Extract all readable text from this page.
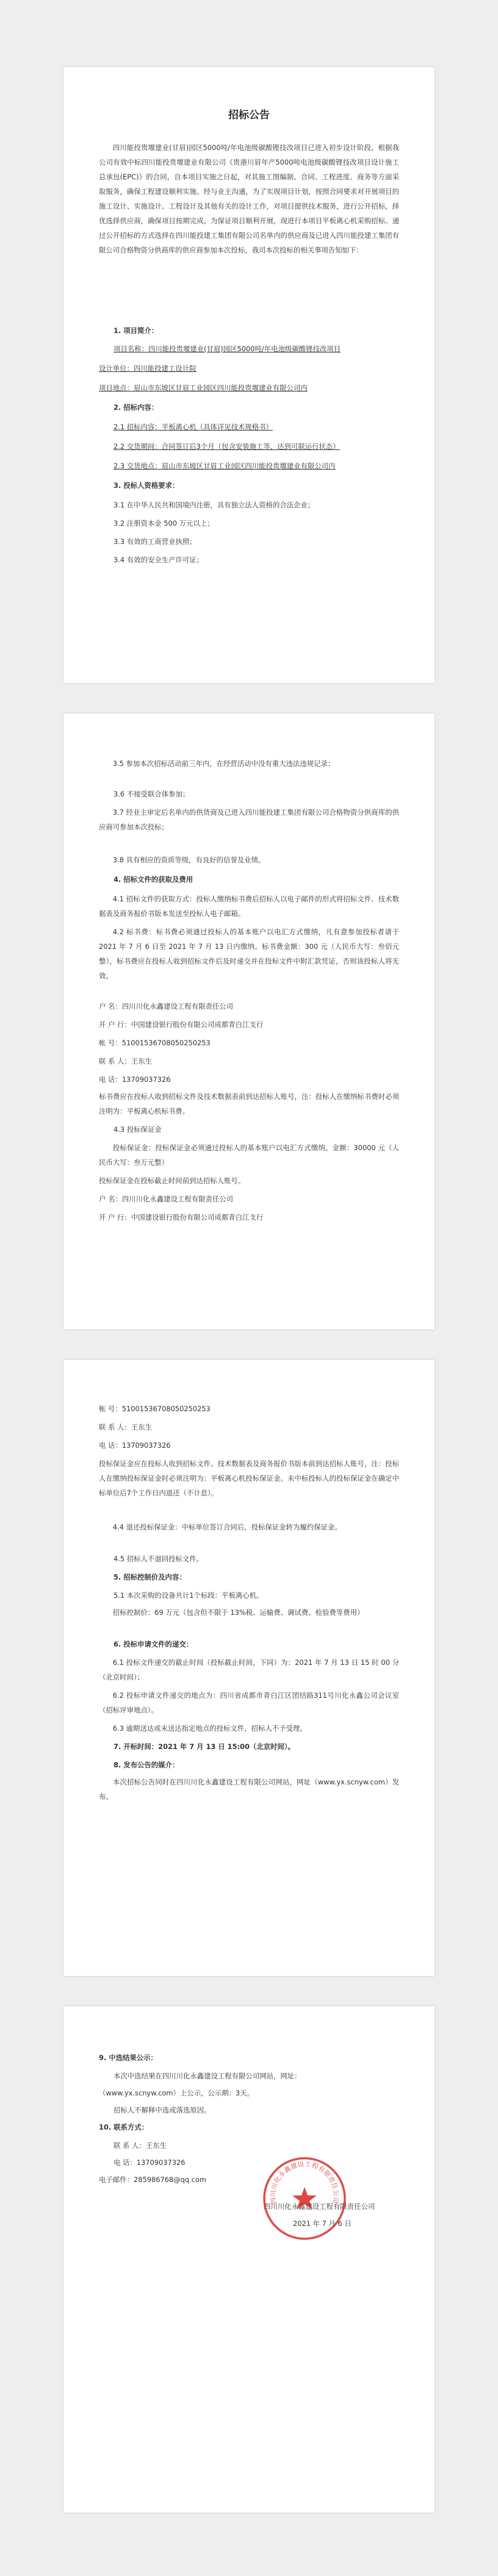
招标公告

四川能投贵堰建业(甘眉)园区5000吨/年电池级碳酸锂技改项目已进入初步设计阶段。根据我公司有效中标四川能投贵堰建业有限公司《贵港川眉年产5000吨电池级碳酸锂技改项目设计施工总承包(EPC)》的合同，自本项目实施之日起，对其施工图编制、合同、工程进度、商务等方面采取服务，确保工程建设顺利实施。经与业主沟通，为了实现项目计划，按照合同要求对开展项目的施工设计、实施设计、工程设计及其他有关的设计工作，对项目提供技术服务，进行公开招标，择优选择供应商，确保项目按期完成。为保证项目顺利开展，现进行本项目平板离心机采购招标。通过公开招标的方式选择在四川能投建工集团有限公司名单内的供应商及已进入四川能投建工集团有限公司合格物资分供商库的供应商参加本次投标，我司本次投标的相关事项告知如下：

1. 项目简介：

项目名称：四川能投贵堰建业(甘眉)园区5000吨/年电池级碳酸锂技改项目

设计单位：四川能投建工设计院

项目地点：眉山市东坡区甘眉工业园区四川能投贵堰建业有限公司内

2. 招标内容：

2.1 招标内容：平板离心机（具体详见技术规格书）

2.2 交货期间：合同签订后3个月（包含安装施工等，达到可联运行状态）

2.3 交货地点：眉山市东坡区甘眉工业园区四川能投贵堰建业有限公司内

3. 投标人资格要求：

3.1 在中华人民共和国境内注册，具有独立法人资格的合法企业；

3.2 注册资本金 500 万元以上；

3.3 有效的工商营业执照；

3.4 有效的安全生产许可证；

3.5 参加本次招标活动前三年内，在经营活动中没有重大违法违规记录；

3.6 不接受联合体参加；

3.7 经业主审定后名单内的供货商及已进入四川能投建工集团有限公司合格物资分供商库的供应商可参加本次投标；

3.8 具有相应的资质等级，有良好的信誉及业绩。

4. 招标文件的获取及费用

4.1 招标文件的获取方式：投标人缴纳标书费后招标人以电子邮件的形式将招标文件、技术数据表及商务报价书版本发送至投标人电子邮箱。

4.2 标书费：标书费必须通过投标人的基本账户以电汇方式缴纳，凡有意参加投标者请于 2021 年 7 月 6 日至 2021 年 7 月 13 日内缴纳。标书费金额：300 元（人民币大写：叁佰元整），标书费应在投标人收到招标文件后及时递交并在投标文件中附汇款凭证，否则该投标人将无效。

户 名：四川川化永鑫建设工程有限责任公司

开 户 行：中国建设银行股份有限公司成都青白江支行

帐 号：51001536708050250253

联 系 人：王东生

电 话：13709037326

标书费应在投标人收到招标文件及技术数据表前到达招标人账号，注：投标人在缴纳标书费时必须注明为：平板离心机标书费。

4.3 投标保证金

投标保证金：投标保证金必须通过投标人的基本账户以电汇方式缴纳。金额：30000 元（人民币大写：叁万元整）

投标保证金在投标截止时间前到达招标人账号。

户 名：四川川化永鑫建设工程有限责任公司

开 户 行：中国建设银行股份有限公司成都青白江支行

帐 号：51001536708050250253

联 系 人：王东生

电 话：13709037326

投标保证金应在投标人收到招标文件、技术数据表及商务报价书版本前到达招标人账号，注：投标人在缴纳投标保证金时必须注明为：平板离心机投标保证金。未中标投标人的投标保证金在确定中标单位后7个工作日内退还（不计息）。

4.4 退还投标保证金：中标单位签订合同后，投标保证金转为履约保证金。

4.5 招标人不退回投标文件。

5. 招标控制价及内容：

5.1 本次采购的设备共计1个标段：平板离心机。

招标控制价：69 万元（包含但不限于 13%税、运输费、调试费、检验费等费用）

6. 投标申请文件的递交：

6.1 投标文件递交的截止时间（投标截止时间，下同）为：2021 年 7 月 13 日 15 时 00 分（北京时间）；

6.2 投标申请文件递交的地点为：四川省成都市青白江区团结路311号川化永鑫公司会议室（招标评审地点）。

6.3 逾期送达或未送达指定地点的投标文件，招标人不予受理。

7. 开标时间：2021 年 7 月 13 日 15:00（北京时间）。

8. 发布公告的媒介：

本次招标公告同时在四川川化永鑫建设工程有限公司网站，网址（www.yx.scnyw.com）发布。

9. 中选结果公示：

本次中选结果在四川川化永鑫建设工程有限公司网站，网址：

（www.yx.scnyw.com）上公示，公示期：3天。

招标人不解释中选或落选原因。

10. 联系方式：

联 系 人：王东生

电 话：13709037326

电子邮件：285986768@qq.com

四川川化永鑫建设工程有限责任公司

2021 年 7 月 6 日

四川川化永鑫建设工程有限责任公司
